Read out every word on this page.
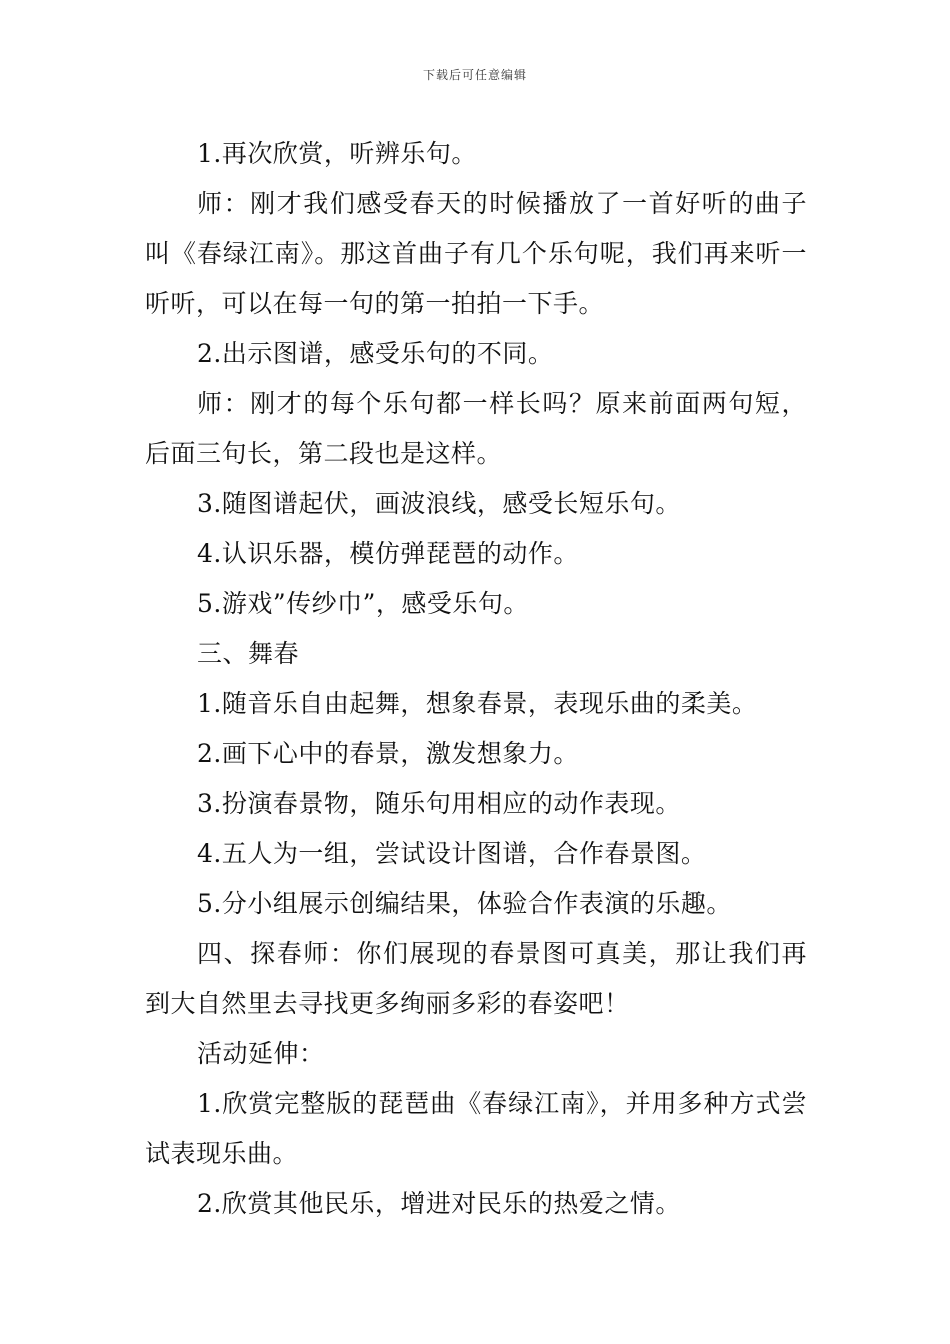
下载后可任意编辑

1.再次欣赏，听辨乐句。

师：刚才我们感受春天的时候播放了一首好听的曲子叫《春绿江南》。那这首曲子有几个乐句呢，我们再来听一听听，可以在每一句的第一拍拍一下手。

2.出示图谱，感受乐句的不同。

师：刚才的每个乐句都一样长吗？原来前面两句短，后面三句长，第二段也是这样。

3.随图谱起伏，画波浪线，感受长短乐句。

4.认识乐器，模仿弹琵琶的动作。

5.游戏”传纱巾”，感受乐句。

三、舞春

1.随音乐自由起舞，想象春景，表现乐曲的柔美。

2.画下心中的春景，激发想象力。

3.扮演春景物，随乐句用相应的动作表现。

4.五人为一组，尝试设计图谱，合作春景图。

5.分小组展示创编结果，体验合作表演的乐趣。

四、探春师：你们展现的春景图可真美，那让我们再到大自然里去寻找更多绚丽多彩的春姿吧！

活动延伸：

1.欣赏完整版的琵琶曲《春绿江南》，并用多种方式尝试表现乐曲。

2.欣赏其他民乐，增进对民乐的热爱之情。
